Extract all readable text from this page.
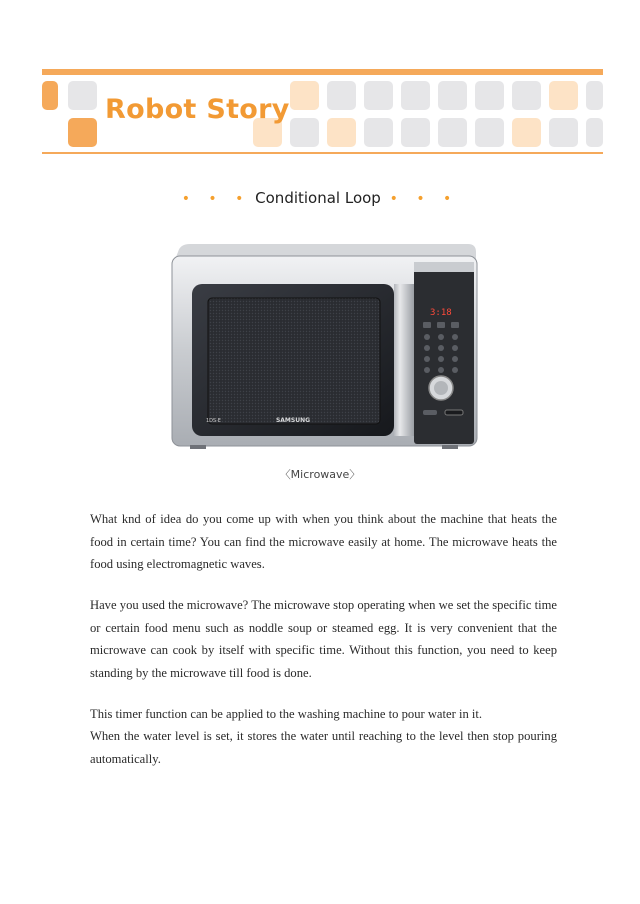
Robot Story
• • • Conditional Loop • • •
3:18
SAMSUNG
1DS·E
〈Microwave〉

What knd of idea do you come up with when you think about the machine that heats the food in certain time? You can find the microwave easily at home. The microwave heats the food using electromagnetic waves.

Have you used the microwave? The microwave stop operating when we set the specific time or certain food menu such as noddle soup or steamed egg. It is very convenient that the microwave can cook by itself with specific time. Without this function, you need to keep standing by the microwave till food is done.

This timer function can be applied to the washing machine to pour water in it.

When the water level is set, it stores the water until reaching to the level then stop pouring automatically.
